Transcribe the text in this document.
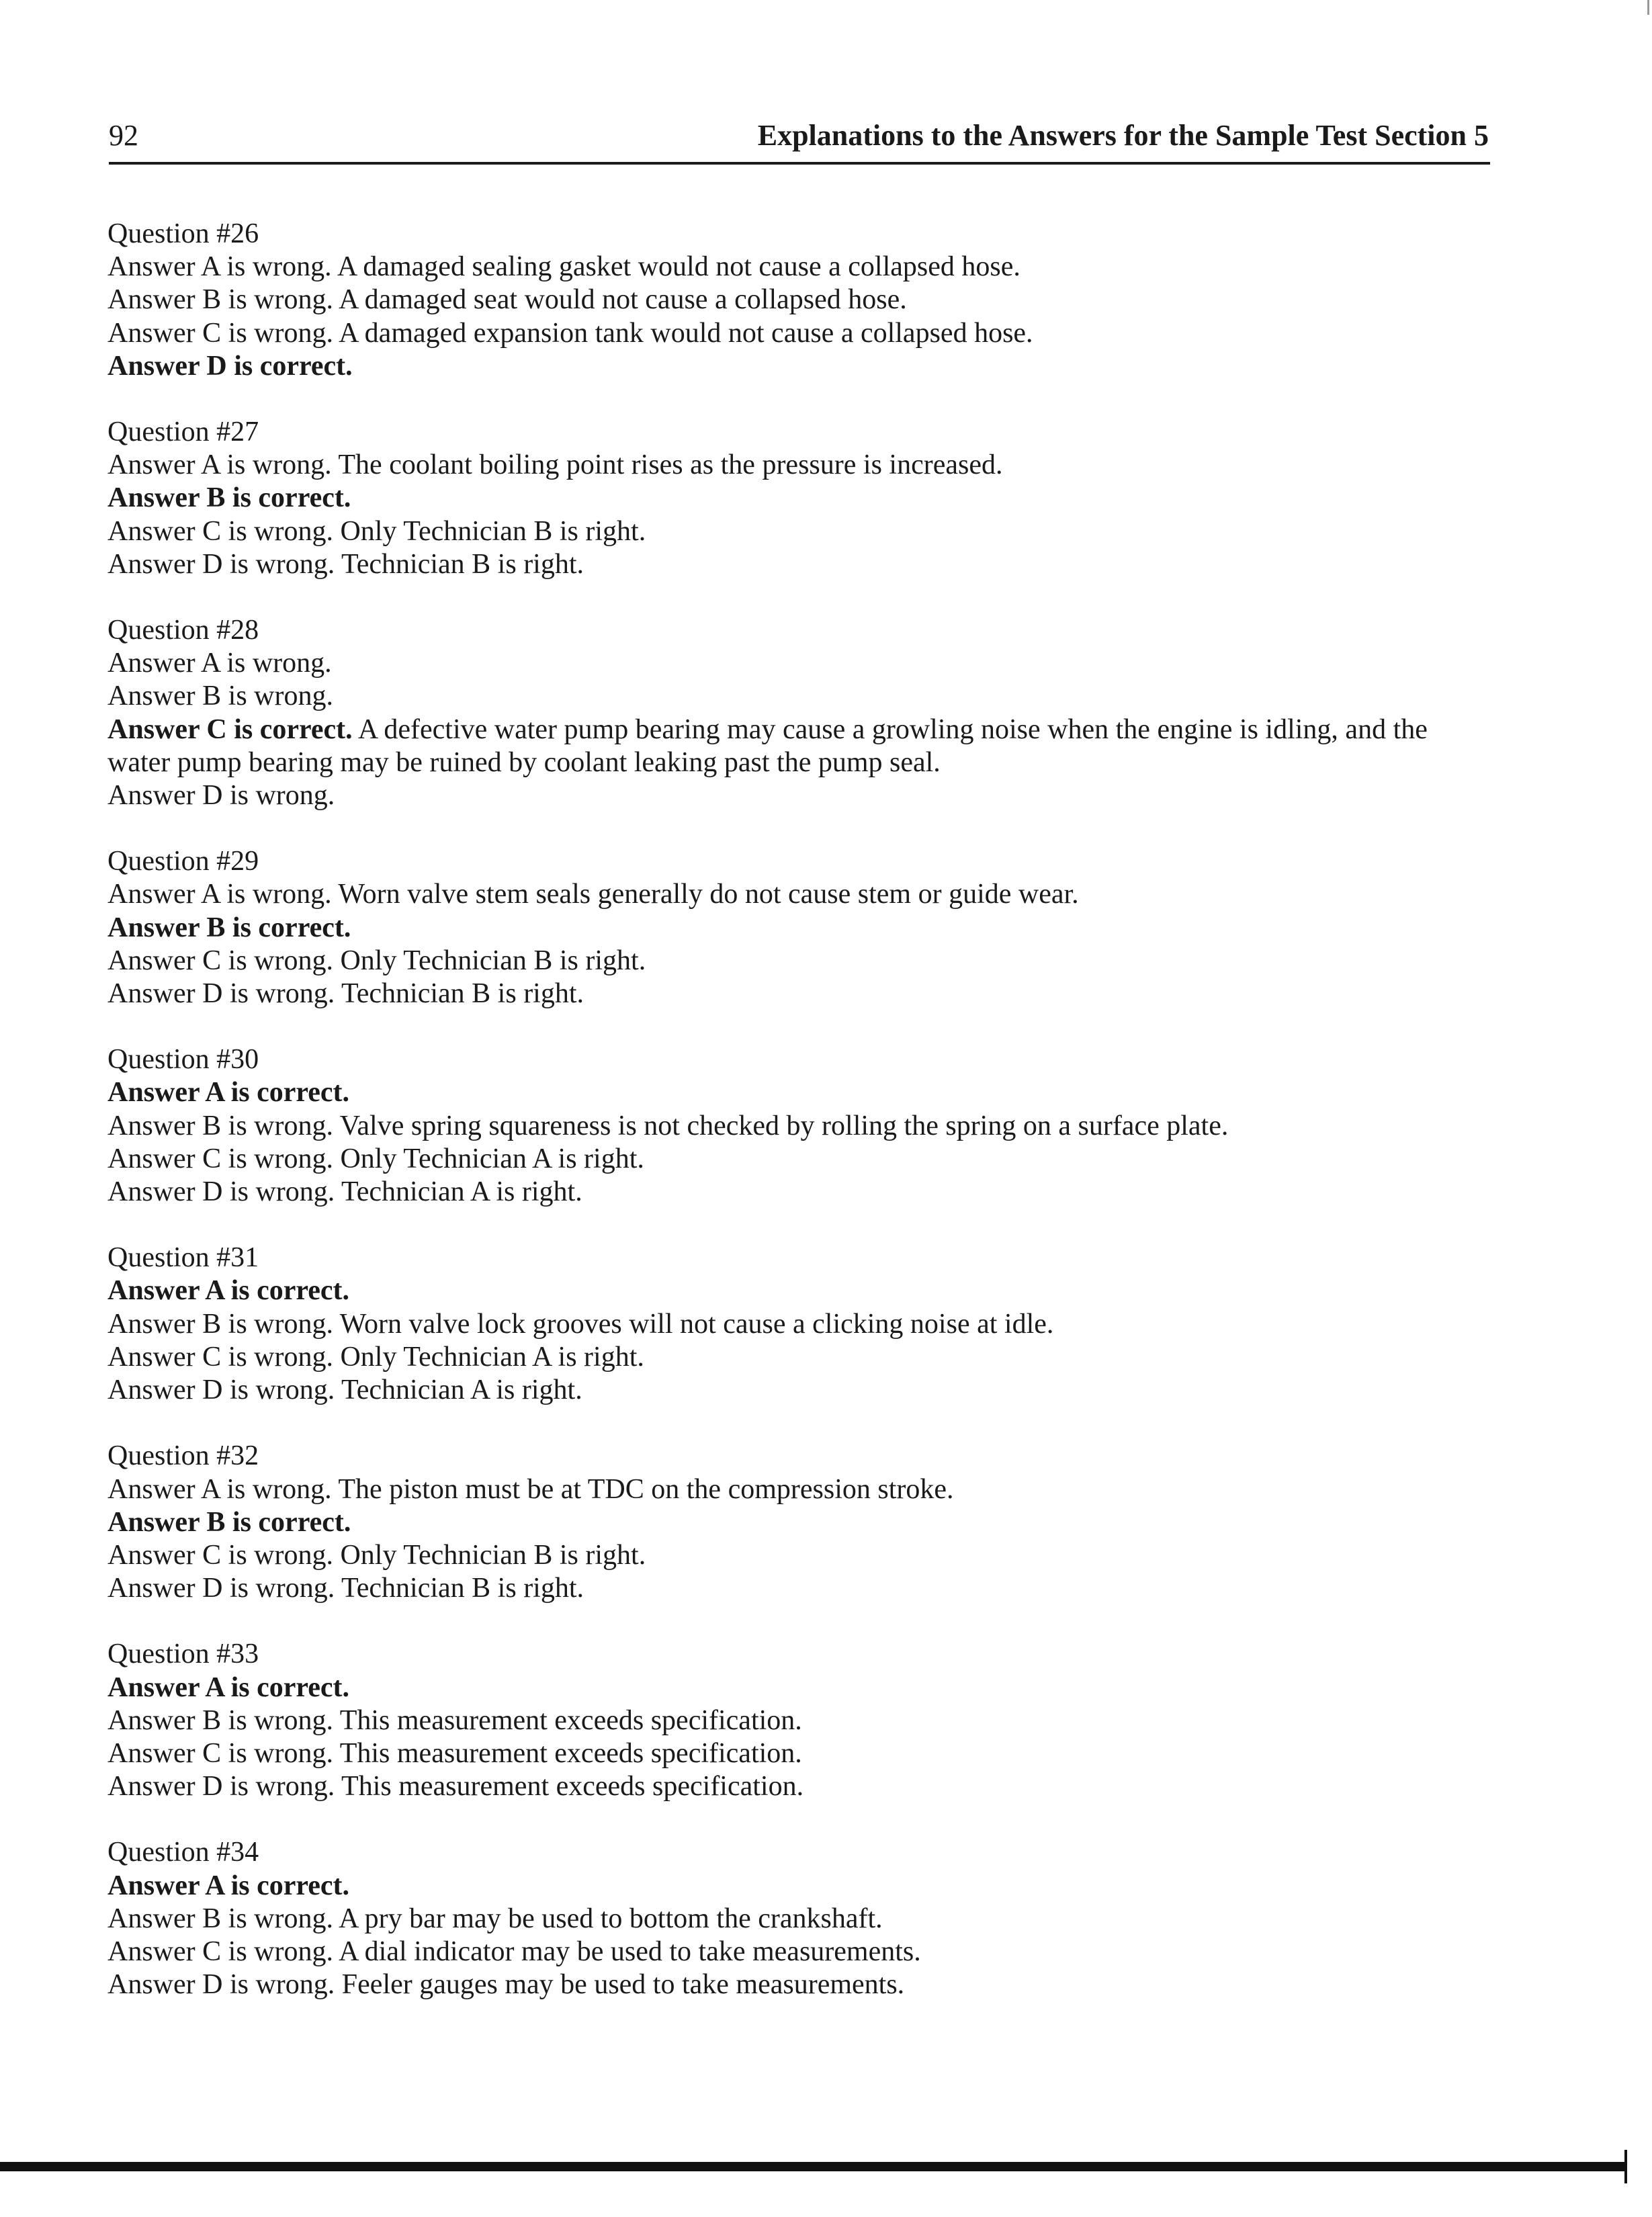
92	Explanations to the Answers for the Sample Test Section 5
Question #26
Answer A is wrong. A damaged sealing gasket would not cause a collapsed hose.
Answer B is wrong. A damaged seat would not cause a collapsed hose.
Answer C is wrong. A damaged expansion tank would not cause a collapsed hose.
Answer D is correct.
Question #27
Answer A is wrong. The coolant boiling point rises as the pressure is increased.
Answer B is correct.
Answer C is wrong. Only Technician B is right.
Answer D is wrong. Technician B is right.
Question #28
Answer A is wrong.
Answer B is wrong.
Answer C is correct. A defective water pump bearing may cause a growling noise when the engine is idling, and the water pump bearing may be ruined by coolant leaking past the pump seal.
Answer D is wrong.
Question #29
Answer A is wrong. Worn valve stem seals generally do not cause stem or guide wear.
Answer B is correct.
Answer C is wrong. Only Technician B is right.
Answer D is wrong. Technician B is right.
Question #30
Answer A is correct.
Answer B is wrong. Valve spring squareness is not checked by rolling the spring on a surface plate.
Answer C is wrong. Only Technician A is right.
Answer D is wrong. Technician A is right.
Question #31
Answer A is correct.
Answer B is wrong. Worn valve lock grooves will not cause a clicking noise at idle.
Answer C is wrong. Only Technician A is right.
Answer D is wrong. Technician A is right.
Question #32
Answer A is wrong. The piston must be at TDC on the compression stroke.
Answer B is correct.
Answer C is wrong. Only Technician B is right.
Answer D is wrong. Technician B is right.
Question #33
Answer A is correct.
Answer B is wrong. This measurement exceeds specification.
Answer C is wrong. This measurement exceeds specification.
Answer D is wrong. This measurement exceeds specification.
Question #34
Answer A is correct.
Answer B is wrong. A pry bar may be used to bottom the crankshaft.
Answer C is wrong. A dial indicator may be used to take measurements.
Answer D is wrong. Feeler gauges may be used to take measurements.
